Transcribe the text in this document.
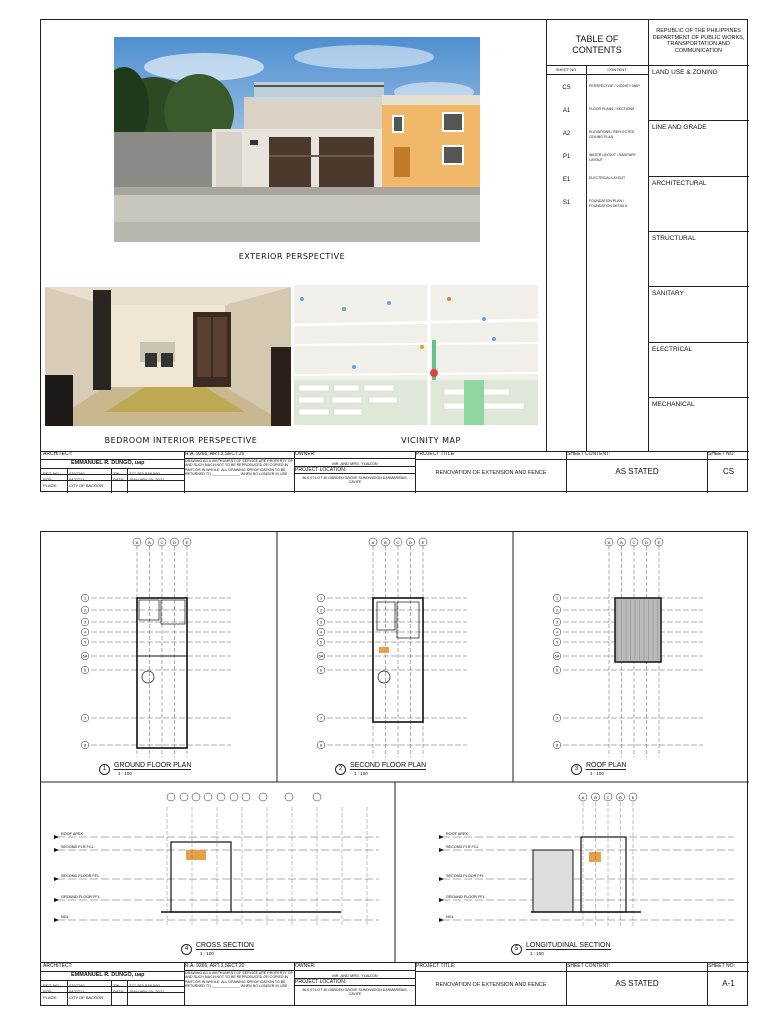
EXTERIOR PERSPECTIVE
BEDROOM INTERIOR PERSPECTIVE	VICINITY MAP
TABLE OF
CONTENTS
SHEET NO.	CONTENT
REPUBLIC OF THE PHILIPPINES DEPARTMENT OF PUBLIC WORKS, TRANSPORTATION AND COMMUNICATION
CS	PERSPECTIVE / VICINITY MAP
A1	FLOOR PLANS / SECTIONS
A2	ELEVATIONS / REFLECTED CEILING PLAN
P1	WATER LAYOUT / SANITARY LAYOUT
E1	ELECTRICAL LAYOUT
S1	FOUNDATION PLAN / FOUNDATION DETAILS
LAND USE & ZONING
LINE AND GRADE
ARCHITECTURAL
STRUCTURAL
SANITARY
ELECTRICAL
MECHANICAL
ARCHITECT:
EMMANUEL R. DUNGO, uap
PLACE:	CITY OF BACOOR
R.A. 9266, ART.3,SECT.20	OWNER:
MR. AND MRS. YUAZON
PROJECT LOCATION:
PROJECT TITLE:
RENOVATION OF EXTENSION AND FENCE
SHEET CONTENT:
AS STATED
SHEET NO:
CS
DRAWING AS A INSTRUMENT OF SERVICE ARE PROPERTY OF AND SUCH MUCH NOT TO BE REPRODUCED OR COPIED IN PART OR IN WHOLE. ALL DRAWING SPECIFICATION TO BE RETURNED TO ______________ WHEN NO LONGER IN USE
BLK 07 LOT 35 GARDEN GROVE SUBDIVISION DASMARIÑAS, CAVITE
A B C D E
1
2
3
4
5
5A
6
7
8
A B C D E
1
2
3
4
5
5A
6
7
8
A B C D E
1
2
3
4
5
5A
6
7
8
ROOF APEX
SECOND FLR FCL
SECOND FLOOR FFL
GROUND FLOOR FFL
NGL
ROOF APEX
SECOND FLR FCL
SECOND FLOOR FFL
GROUND FLOOR FFL
NGL
A B C D E
ARCHITECT:
EMMANUEL R. DUNGO, uap
PLACE:	CITY OF BACOOR
R.A. 9266, ART.3,SECT.20	OWNER:
MR. AND MRS. YUAZON
PROJECT LOCATION:
PROJECT TITLE:
RENOVATION OF EXTENSION AND FENCE
SHEET CONTENT:
AS STATED
SHEET NO:
A-1
DRAWING AS A INSTRUMENT OF SERVICE ARE PROPERTY OF AND SUCH MUCH NOT TO BE REPRODUCED OR COPIED IN PART OR IN WHOLE. ALL DRAWING SPECIFICATION TO BE RETURNED TO ______________ WHEN NO LONGER IN USE
BLK 07 LOT 35 GARDEN GROVE SUBDIVISION DASMARIÑAS, CAVITE
1	GROUND FLOOR PLAN
1 : 100
2	SECOND FLOOR PLAN
1 : 100
3	ROOF PLAN
1 : 100
4	CROSS SECTION
1 : 100
5	LONGITUDINAL SECTION
1 : 100
